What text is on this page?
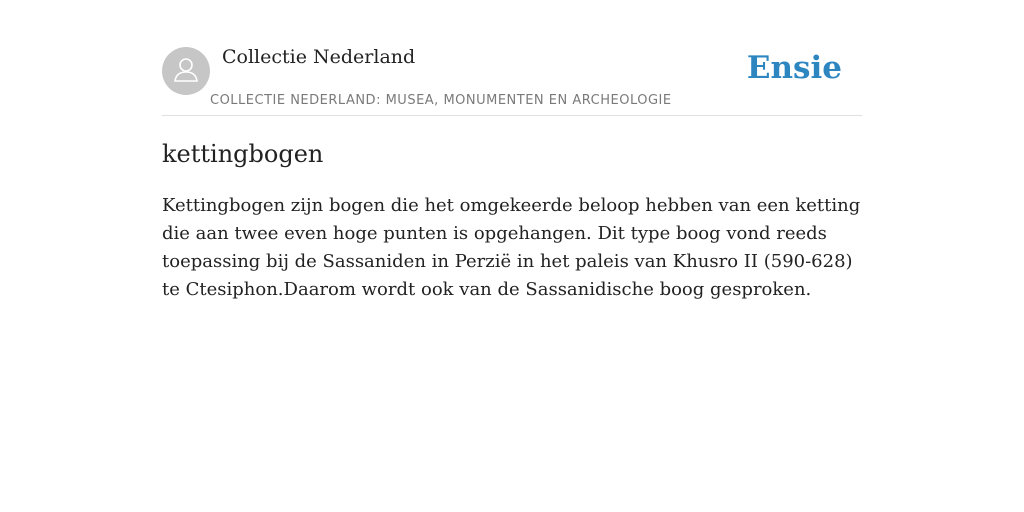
Collectie Nederland
COLLECTIE NEDERLAND: MUSEA, MONUMENTEN EN ARCHEOLOGIE
Ensie
kettingbogen

Kettingbogen zijn bogen die het omgekeerde beloop hebben van een ketting die aan twee even hoge punten is opgehangen. Dit type boog vond reeds toepassing bij de Sassaniden in Perzië in het paleis van Khusro II (590-628) te Ctesiphon.Daarom wordt ook van de Sassanidische boog gesproken.
